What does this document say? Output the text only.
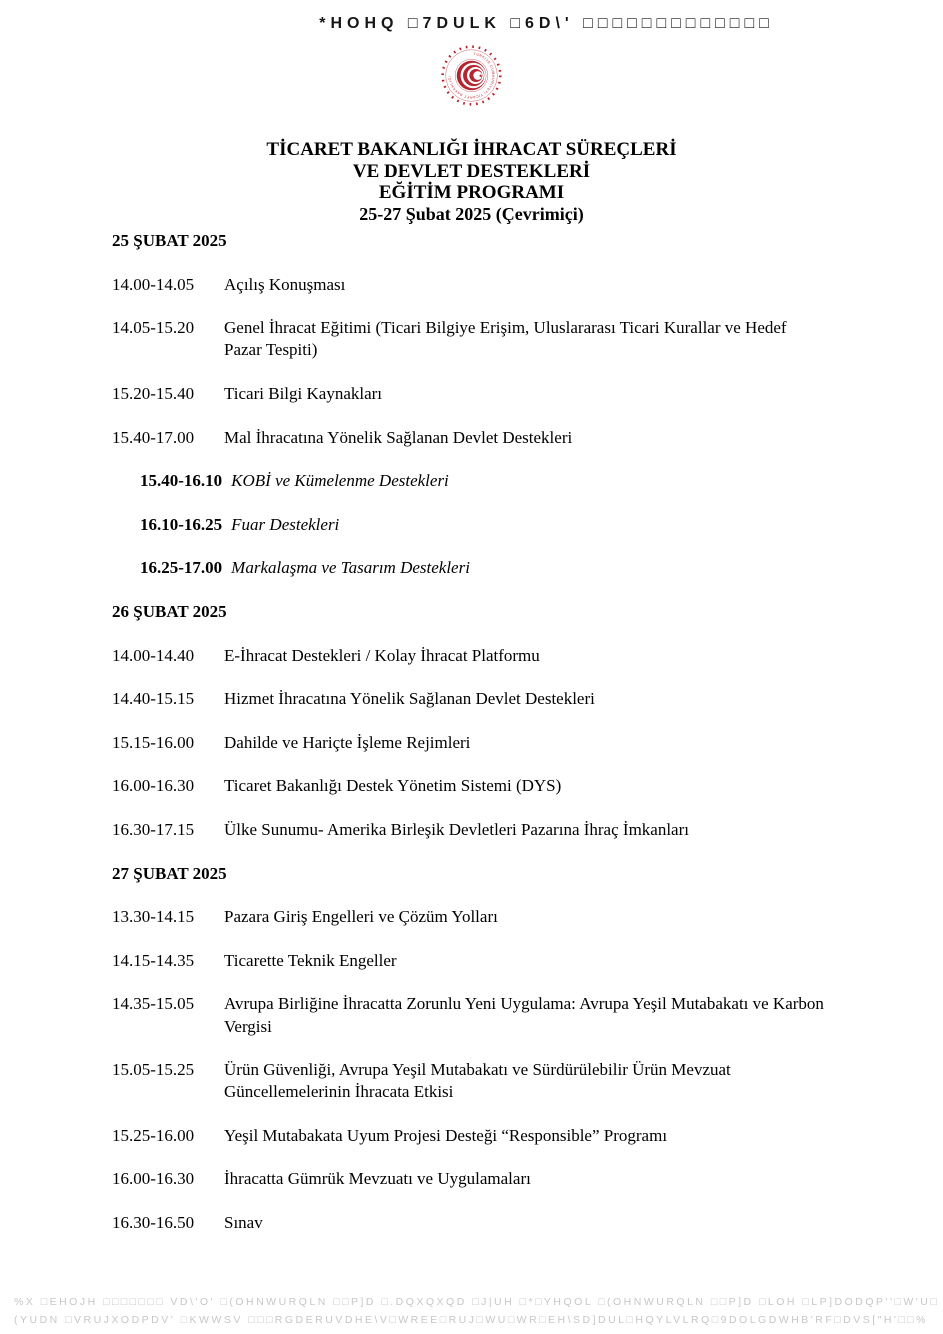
*HOHQ □7DULK □6D\' □□□□□□□□□□□□□
TÜRKİYE CUMHURİYETİ TİCARET BAKANLIĞI	★
TİCARET BAKANLIĞI İHRACAT SÜREÇLERİ
VE DEVLET DESTEKLERİ
EĞİTİM PROGRAMI
25-27 Şubat 2025 (Çevrimiçi)
25 ŞUBAT 2025
14.00-14.05	Açılış Konuşması
14.05-15.20	Genel İhracat Eğitimi (Ticari Bilgiye Erişim, Uluslararası Ticari Kurallar ve Hedef Pazar Tespiti)
15.20-15.40	Ticari Bilgi Kaynakları
15.40-17.00	Mal İhracatına Yönelik Sağlanan Devlet Destekleri
15.40-16.10 KOBİ ve Kümelenme Destekleri
16.10-16.25 Fuar Destekleri
16.25-17.00 Markalaşma ve Tasarım Destekleri
26 ŞUBAT 2025
14.00-14.40	E-İhracat Destekleri / Kolay İhracat Platformu
14.40-15.15	Hizmet İhracatına Yönelik Sağlanan Devlet Destekleri
15.15-16.00	Dahilde ve Hariçte İşleme Rejimleri
16.00-16.30	Ticaret Bakanlığı Destek Yönetim Sistemi (DYS)
16.30-17.15	Ülke Sunumu- Amerika Birleşik Devletleri Pazarına İhraç İmkanları
27 ŞUBAT 2025
13.30-14.15	Pazara Giriş Engelleri ve Çözüm Yolları
14.15-14.35	Ticarette Teknik Engeller
14.35-15.05	Avrupa Birliğine İhracatta Zorunlu Yeni Uygulama: Avrupa Yeşil Mutabakatı ve Karbon Vergisi
15.05-15.25	Ürün Güvenliği, Avrupa Yeşil Mutabakatı ve Sürdürülebilir Ürün Mevzuat Güncellemelerinin İhracata Etkisi
15.25-16.00	Yeşil Mutabakata Uyum Projesi Desteği “Responsible” Programı
16.00-16.30	İhracatta Gümrük Mevzuatı ve Uygulamaları
16.30-16.50	Sınav
%X □EHOJH □□□□□□□ VD\'O' □(OHNWURQLN □□P]D □.DQXQXQD □J|UH □*□YHQOL □(OHNWURQLN □□P]D □LOH □LP]DODQP''□W'U□
(YUDN □VRUJXODPDV' □KWWSV □□□RGDERUVDHE\V□WREE□RUJ□WU□WR□EH\SD]DUL□HQYLVLRQ□9DOLGDWHB'RF□DVS["H'□□%
